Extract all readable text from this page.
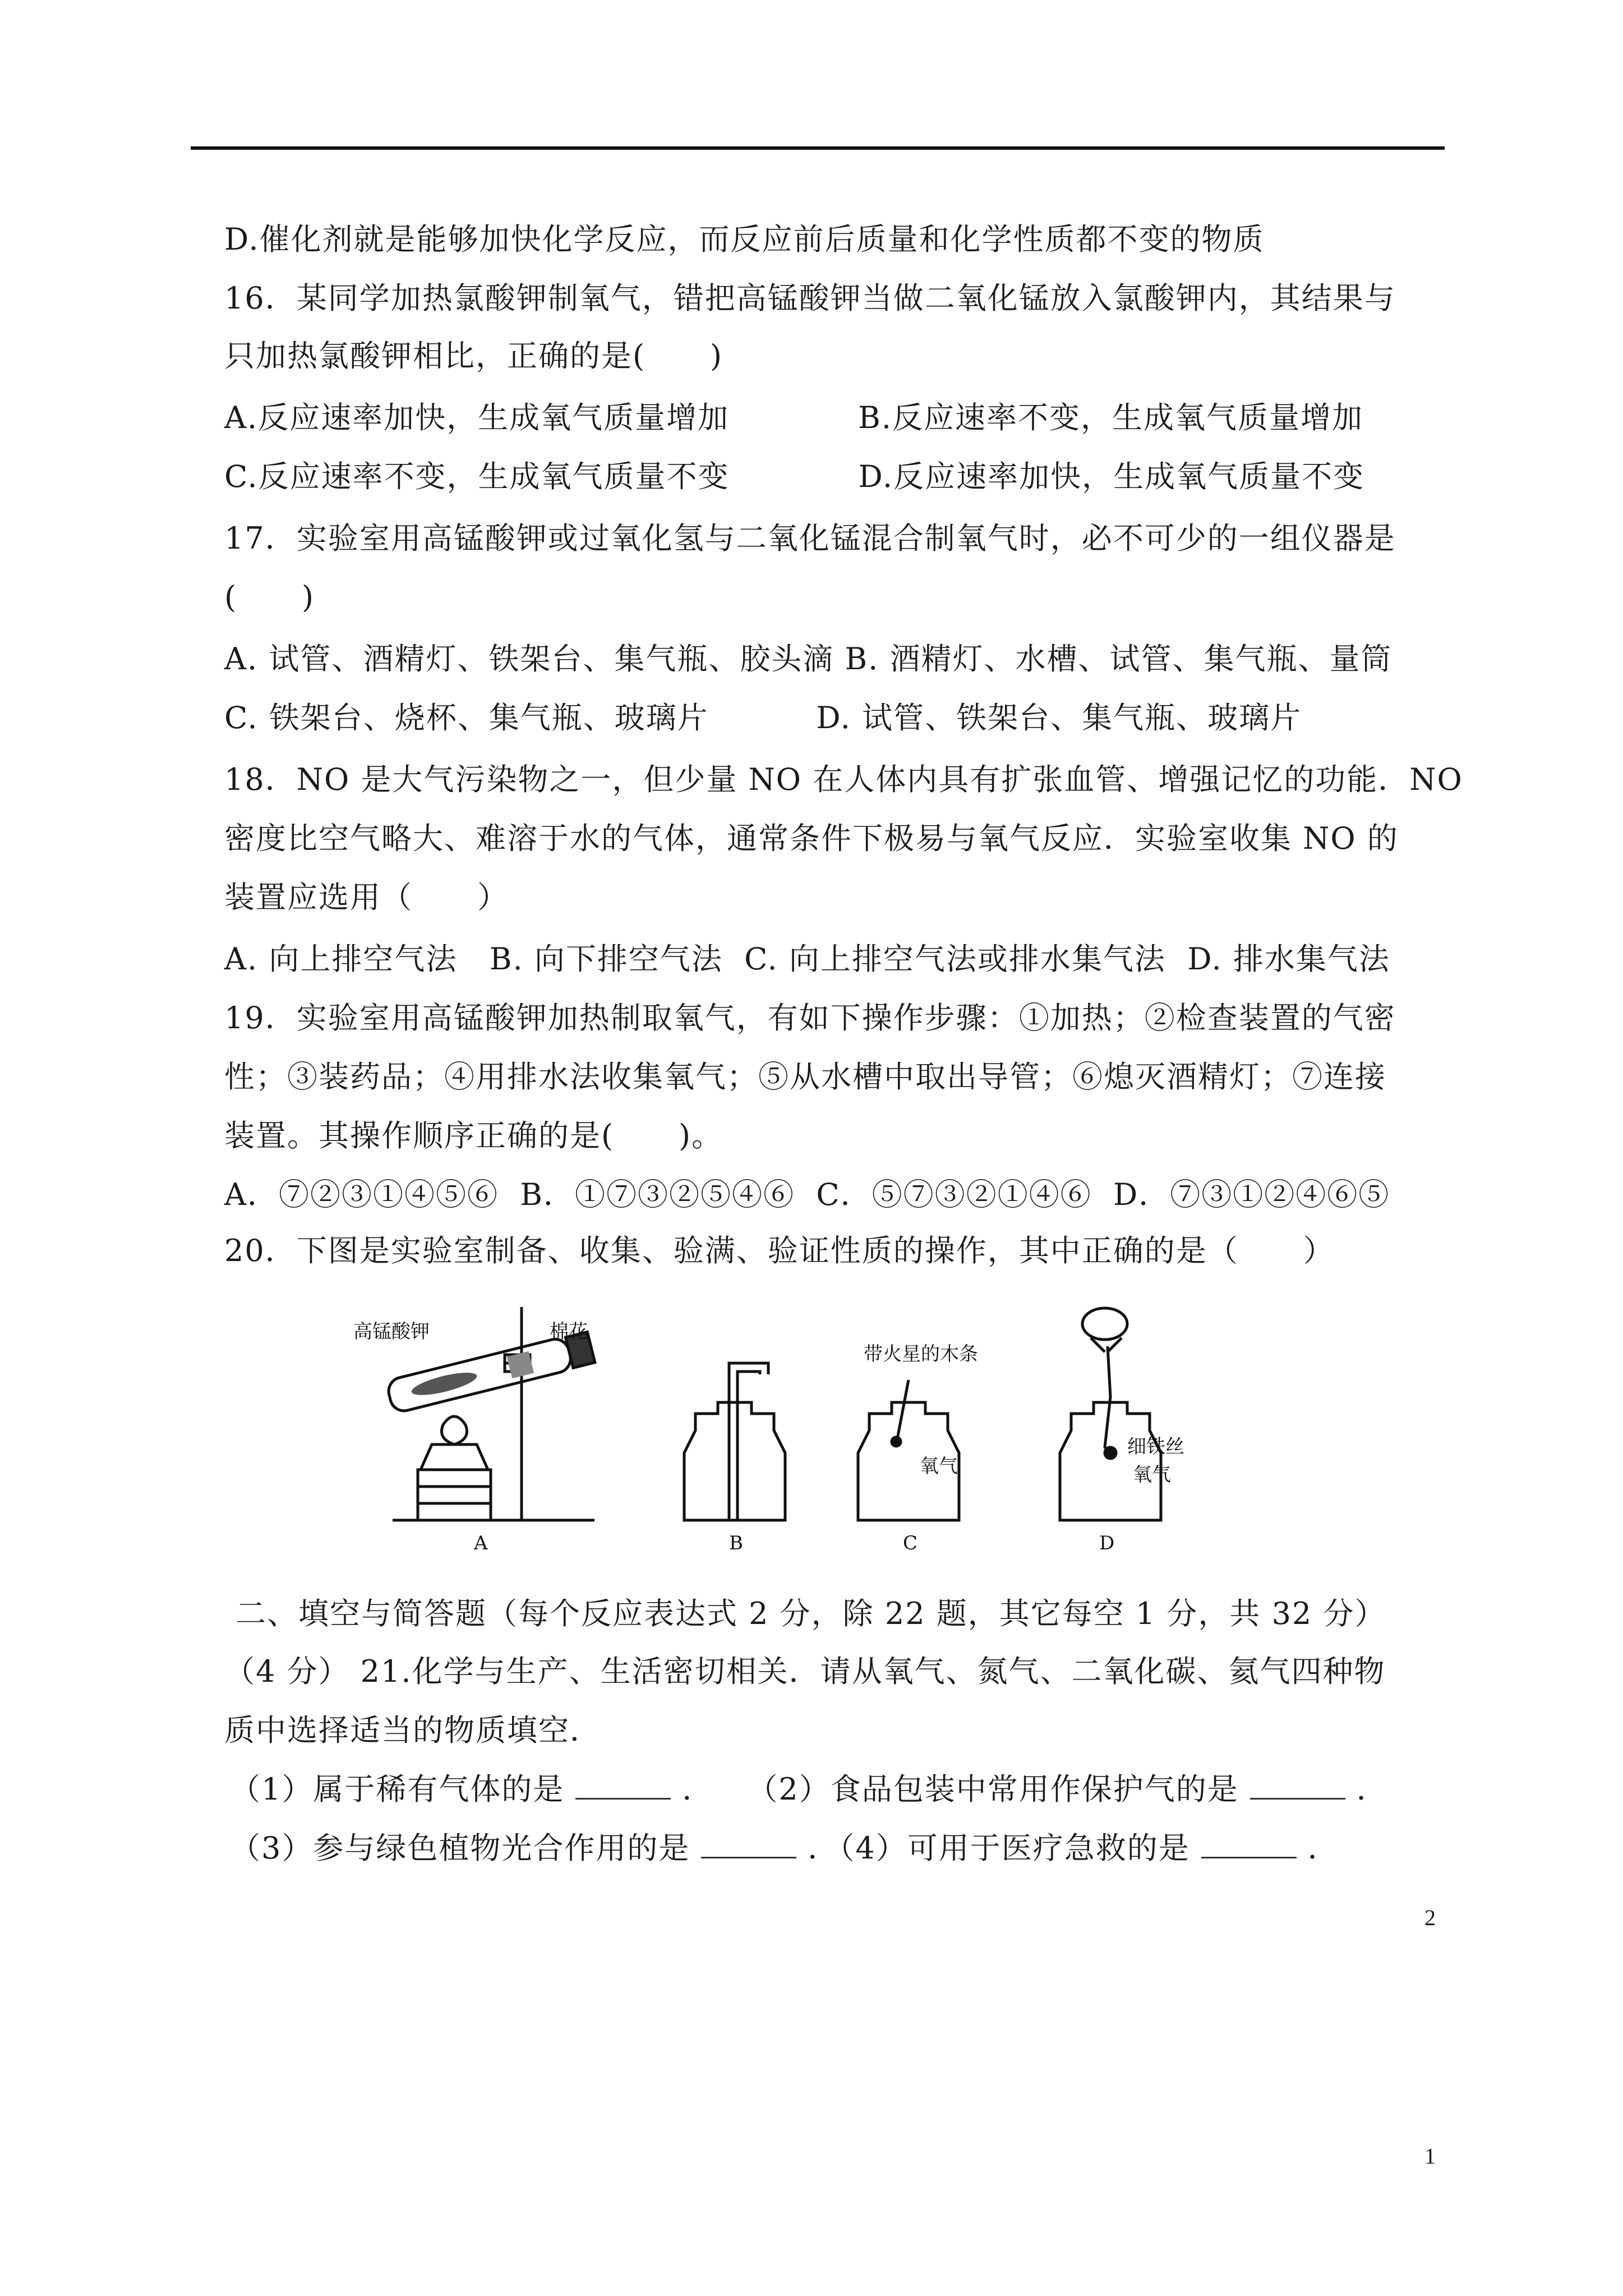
D.催化剂就是能够加快化学反应，而反应前后质量和化学性质都不变的物质
16．某同学加热氯酸钾制氧气，错把高锰酸钾当做二氧化锰放入氯酸钾内，其结果与
只加热氯酸钾相比，正确的是(      )
A.反应速率加快，生成氧气质量增加            B.反应速率不变，生成氧气质量增加
C.反应速率不变，生成氧气质量不变            D.反应速率加快，生成氧气质量不变
17．实验室用高锰酸钾或过氧化氢与二氧化锰混合制氧气时，必不可少的一组仪器是
(      )
A. 试管、酒精灯、铁架台、集气瓶、胶头滴 B. 酒精灯、水槽、试管、集气瓶、量筒
C. 铁架台、烧杯、集气瓶、玻璃片          D. 试管、铁架台、集气瓶、玻璃片
18．NO 是大气污染物之一，但少量 NO 在人体内具有扩张血管、增强记忆的功能．NO
密度比空气略大、难溶于水的气体，通常条件下极易与氧气反应．实验室收集 NO 的
装置应选用（      ）
A. 向上排空气法   B. 向下排空气法  C. 向上排空气法或排水集气法  D. 排水集气法
19．实验室用高锰酸钾加热制取氧气，有如下操作步骤：①加热；②检查装置的气密
性；③装药品；④用排水法收集氧气；⑤从水槽中取出导管；⑥熄灭酒精灯；⑦连接
装置。其操作顺序正确的是(      )。
A．⑦②③①④⑤⑥  B．①⑦③②⑤④⑥  C．⑤⑦③②①④⑥  D．⑦③①②④⑥⑤
20．下图是实验室制备、收集、验满、验证性质的操作，其中正确的是（      ）
高锰酸钾	棉花
带火星的木条
氧气
细铁丝
氧气
A	B	C	D
二、填空与简答题（每个反应表达式 2 分，除 22 题，其它每空 1 分，共 32 分）
（4 分） 21.化学与生产、生活密切相关．请从氧气、氮气、二氧化碳、氦气四种物
质中选择适当的物质填空．
（1）属于稀有气体的是	． （2）食品包装中常用作保护气的是	．
（3）参与绿色植物光合作用的是	．（4）可用于医疗急救的是	．
2
1
